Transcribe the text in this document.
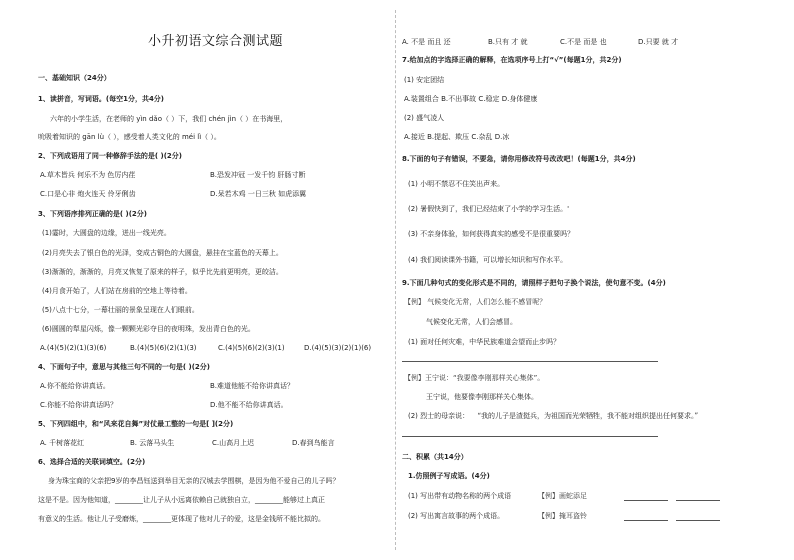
小升初语文综合测试题
一、基础知识（24分）
1、读拼音，写词语。(每空1分，共4分)
六年的小学生活，在老师的 yìn dǎo（ ）下，我们 chén jìn（ ）在书海里，
吮吸着知识的 gān lù（ ），感受着人类文化的 méi lì（ ）。
2、下列成语用了同一种修辞手法的是( )(2分)
A.草木皆兵 何乐不为 色厉内荏	B.恐发冲冠 一发千钧 肝肠寸断
C.口是心非 炮火连天 伶牙俐齿	D.呆若木鸡 一日三秋 如虎添翼
3、下列语序排列正确的是( )(2分)
(1)霎时，大圆盘的边缘，迸出一线光亮。
(2)月亮失去了银白色的光泽，变成古铜色的大圆盘，悬挂在宝蓝色的天幕上。
(3)渐渐的，渐渐的，月亮又恢复了原来的样子，似乎比先前更明亮，更皎洁。
(4)月食开始了，人们站在房前的空地上等待着。
(5)八点十七分，一幕壮丽的景象呈现在人们眼前。
(6)圆圆的犁星闪烁，像一颗颗光彩夺目的夜明珠，发出青白色的光。
A.(4)(5)(2)(1)(3)(6)	B.(4)(5)(6)(2)(1)(3)	C.(4)(5)(6)(2)(3)(1)	D.(4)(5)(3)(2)(1)(6)
4、下面句子中，意思与其他三句不同的一句是( )(2分)
A.你不能给你讲真话。	B.难道他能不给你讲真话？
C.你能不给你讲真话吗？	D.他不能不给你讲真话。
5、下列四组中，和“风来花自舞”对仗最工整的一句是[ ](2分)
A. 千树落花红	B. 云落马头生	C.山高月上迟	D.春到鸟能言
6、选择合适的关联词填空。(2分)
身为珠宝商的父亲把9岁的李昌钰送到举目无亲的汉城去学围棋，是因为他不爱自己的儿子吗？
这是不是。因为他知道，________让儿子从小远离依赖自己就独自立，________能够过上真正
有意义的生活。他让儿子受磨炼，________更体现了他对儿子的爱，这是金钱所不能比拟的。
A. 不是 而且 还	B.只有 才 就	C.不是 而是 也	D.只要 就 才
7.给加点的字选择正确的解释，在选项序号上打“√”(每题1分，共2分)
(1) 安定团结
A.装置组合 B.不出事故 C.稳定 D.身体健康
(2) 盛气凌人
A.接近 B.提起、欺压 C.杂乱 D.冰
8.下面的句子有错误，不要急，请你用修改符号改改吧！(每题1分，共4分)
(1) 小明不禁忍不住笑出声来。
(2) 暑假快到了，我们已经结束了小学的学习生活。'
(3) 不亲身体验，如何获得真实的感受不是很重要吗？
(4) 我们阅读课外书籍，可以增长知识和写作水平。
9.下面几种句式的变化形式是不同的，请照样子把句子换个说法，使句意不变。(4分)
【例】 气候变化无常，人们怎么能不感冒呢？
气候变化无常，人们会感冒。
(1) 面对任何灾难，中华民族难道会望而止步吗？
【例】王宁说：“我要像李刚那样关心集体”。
王宁说，他要像李刚那样关心集体。
(2) 烈士的母亲说： “我的儿子是渣挺兵，为祖国而光荣牺牲，我不能对组织提出任何要求。”
二、积累（共14分）
1.仿照例子写成语。(4分)
(1) 写出带有动物名称的两个成语	【例】画蛇添足
(2) 写出寓言故事的两个成语。	【例】掩耳盗铃
